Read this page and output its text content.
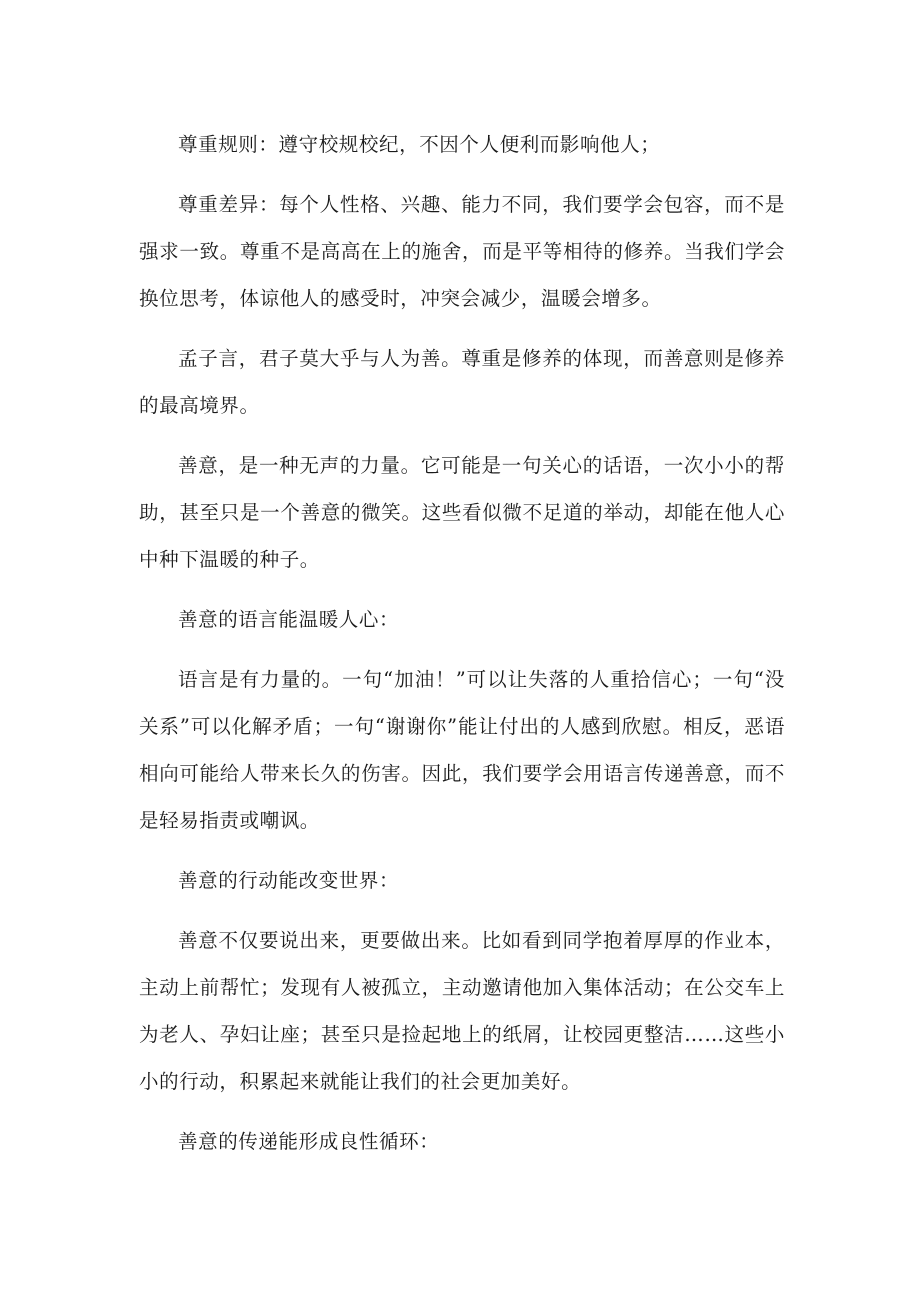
尊重规则：遵守校规校纪，不因个人便利而影响他人；

尊重差异：每个人性格、兴趣、能力不同，我们要学会包容，而不是强求一致。尊重不是高高在上的施舍，而是平等相待的修养。当我们学会换位思考，体谅他人的感受时，冲突会减少，温暖会增多。

孟子言，君子莫大乎与人为善。尊重是修养的体现，而善意则是修养的最高境界。

善意，是一种无声的力量。它可能是一句关心的话语，一次小小的帮助，甚至只是一个善意的微笑。这些看似微不足道的举动，却能在他人心中种下温暖的种子。

善意的语言能温暖人心：

语言是有力量的。一句“加油！”可以让失落的人重拾信心；一句“没关系”可以化解矛盾；一句“谢谢你”能让付出的人感到欣慰。相反，恶语相向可能给人带来长久的伤害。因此，我们要学会用语言传递善意，而不是轻易指责或嘲讽。

善意的行动能改变世界：

善意不仅要说出来，更要做出来。比如看到同学抱着厚厚的作业本，主动上前帮忙；发现有人被孤立，主动邀请他加入集体活动；在公交车上为老人、孕妇让座；甚至只是捡起地上的纸屑，让校园更整洁……这些小小的行动，积累起来就能让我们的社会更加美好。

善意的传递能形成良性循环：
